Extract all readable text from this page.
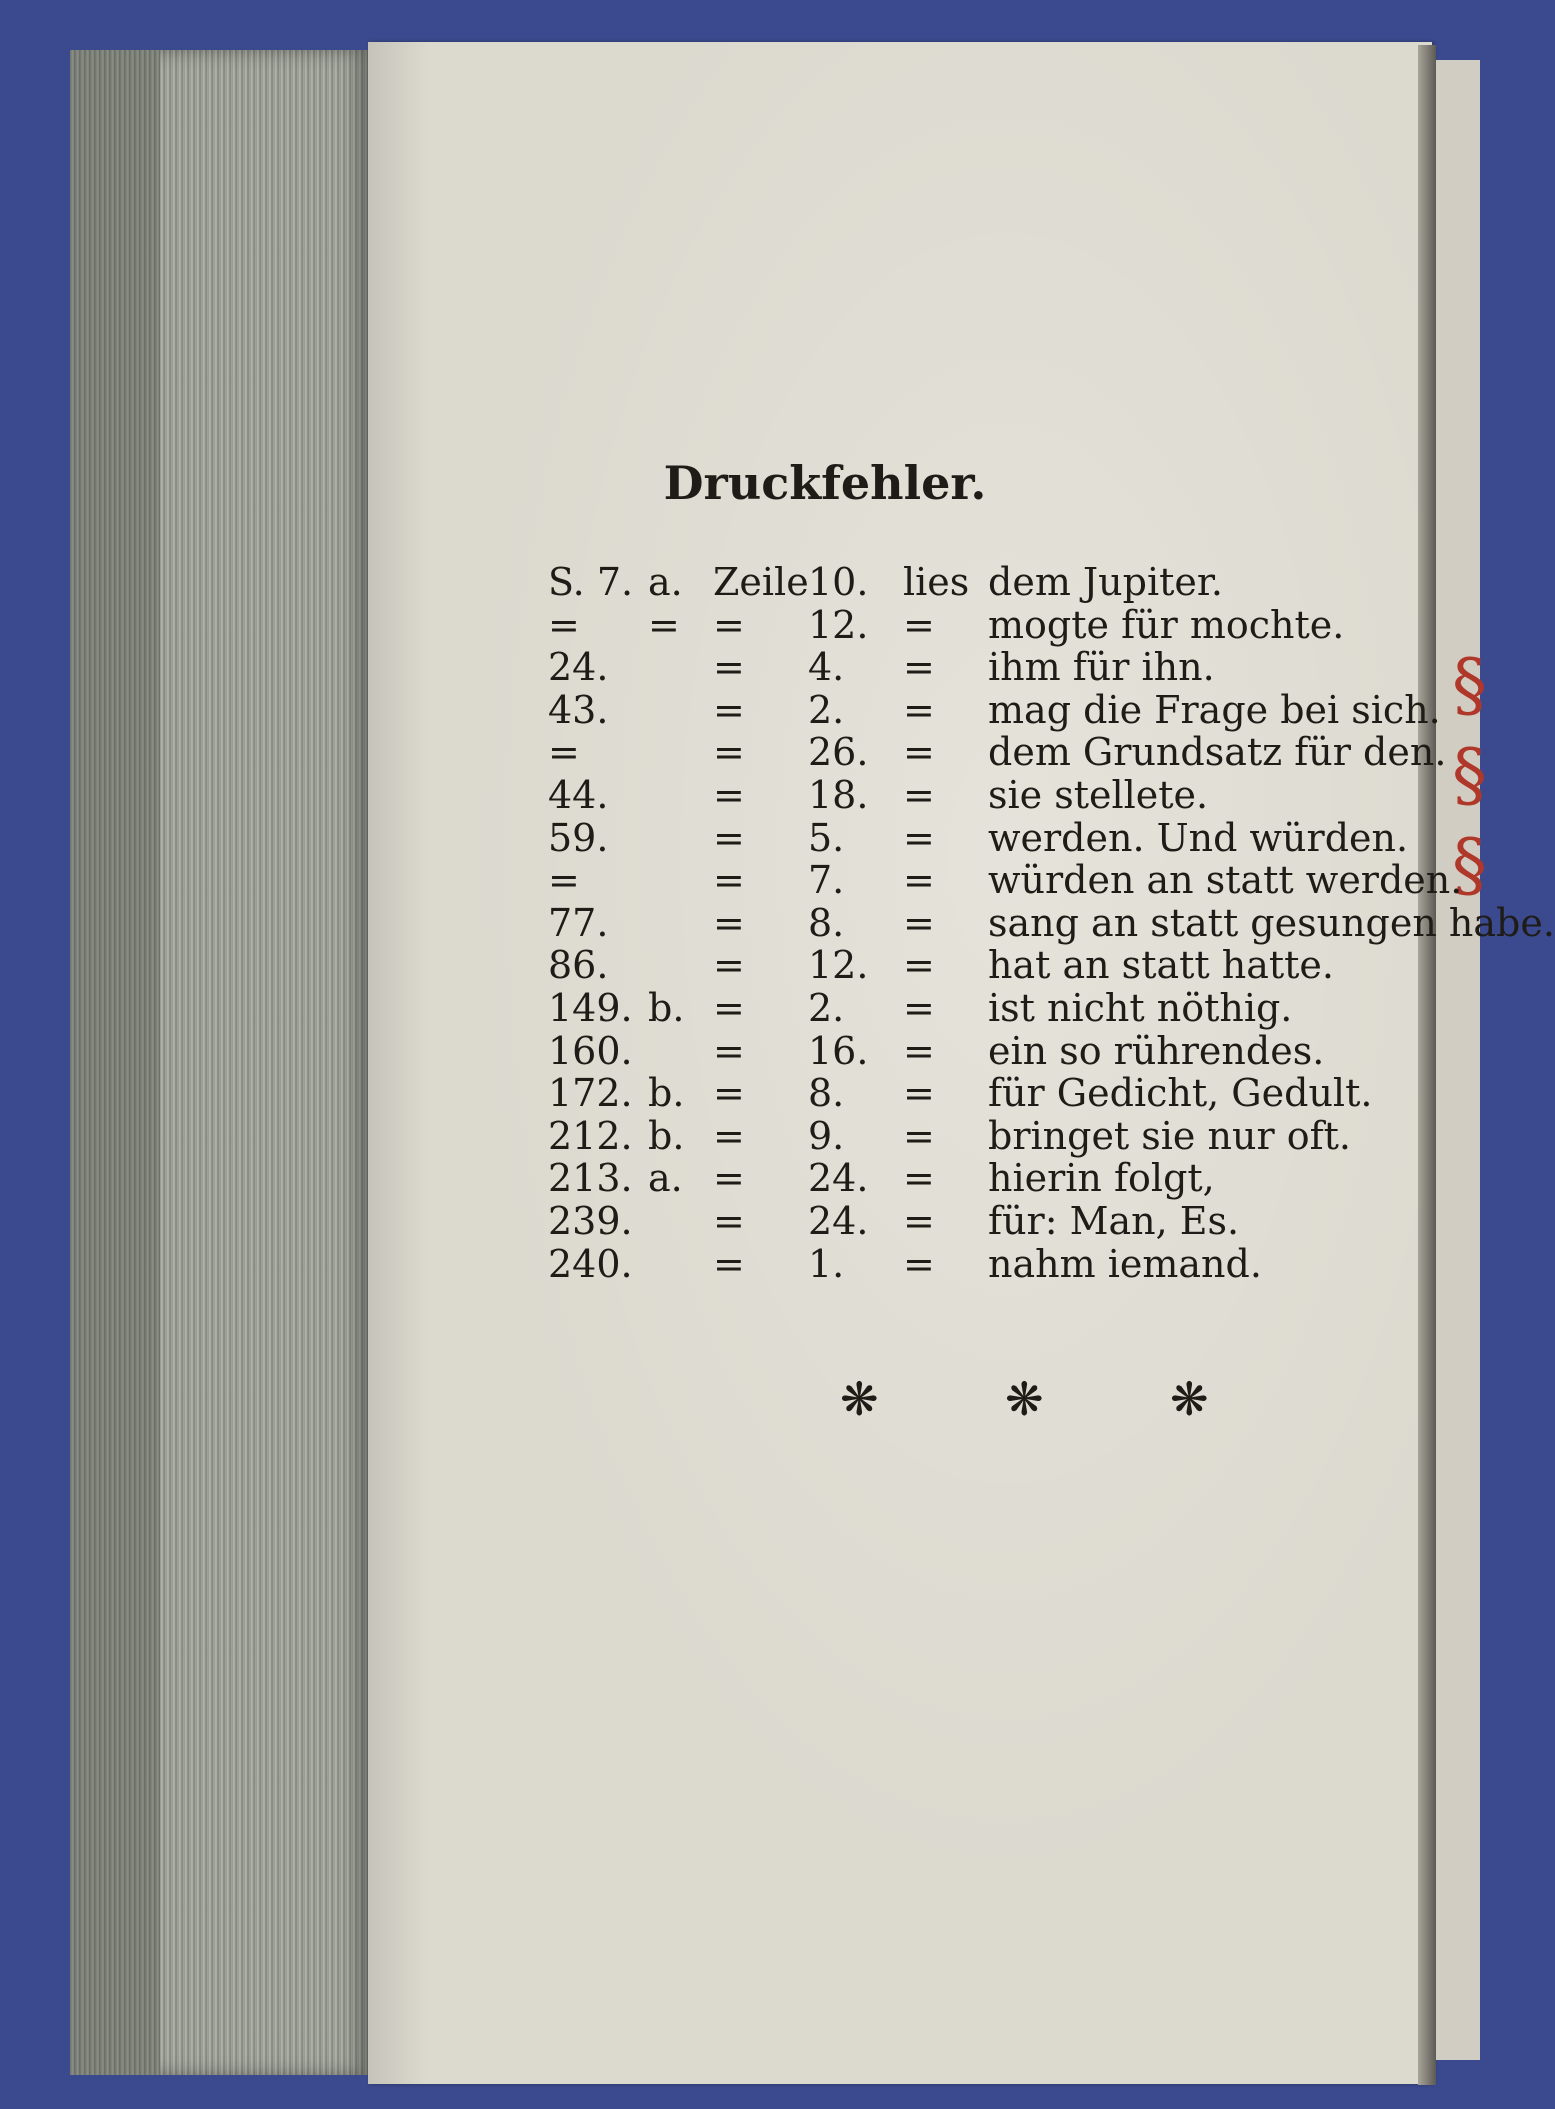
§
§
§
Druckfehler.
S. 7. a. Zeile 10. lies dem Jupiter.
= = = 12. = mogte für mochte.
24.	= 4. = ihm für ihn.
43.	= 2. = mag die Frage bei sich.
=	= 26. = dem Grundsatz für den.
44.	= 18. = sie stellete.
59.	= 5. = werden. Und würden.
=	= 7. = würden an statt werden.
77.	= 8. = sang an statt gesungen habe.
86.	= 12. = hat an statt hatte.
149. b. = 2. = ist nicht nöthig.
160. = 16. = ein so rührendes.
172. b. = 8. = für Gedicht, Gedult.
212. b. = 9. = bringet sie nur oft.
213. a. = 24. = hierin folgt,
239. = 24. = für: Man, Es.
240. = 1. = nahm iemand.
❋	❋	❋
